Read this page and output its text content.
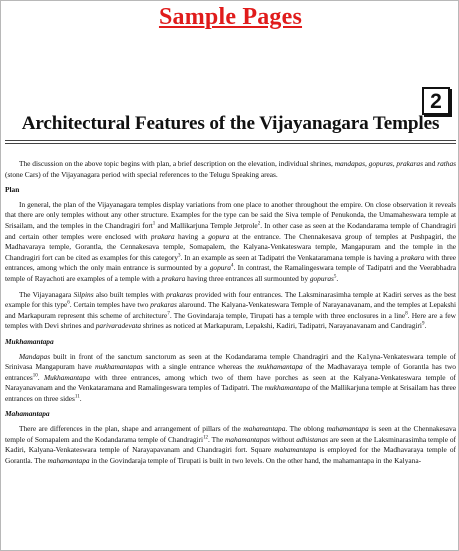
Sample Pages
2
Architectural Features of the Vijayanagara Temples

The discussion on the above topic begins with plan, a brief description on the elevation, individual shrines, mandapas, gopuras, prakaras and rathas (stone Cars) of the Vijayanagara period with special references to the Telugu Speaking areas.

Plan

In general, the plan of the Vijayanagara temples display variations from one place to another throughout the empire. On close observation it reveals that there are only temples without any other structure. Examples for the type can be said the Siva temple of Penukonda, the Umamaheswara temple at Srisailam, and the temples in the Chandragiri fort$^1$ and Mallikarjuna Temple Jetprole$^2$. In other case as seen at the Kodandarama temple of Chandragiri and certain other temples were enclosed with prakara having a gopura at the entrance. The Chennakesava group of temples at Pushpagiri, the Madhavaraya temple, Gorantla, the Cennakesava temple, Somapalem, the Kalyana-Venkateswara temple, Mangapuram and the temple in the Chandragiri fort can be cited as examples for this category$^3$. In an example as seen at Tadipatri the Venkataramana temple is having a prakara with three entrances, among which the only main entrance is surmounted by a gopura$^4$. In contrast, the Ramalingeswara temple of Tadipatri and the Veerabhadra temple of Rayachoti are examples of a temple with a prakara having three entrances all surmounted by gopuras$^5$.

The Vijayanagara Silpins also built temples with prakaras provided with four entrances. The Laksminarasimha temple at Kadiri serves as the best example for this type$^6$. Certain temples have two prakaras alaround. The Kalyana-Venkateswara Temple of Narayanavanam, and the temples at Lepakshi and Markapuram represent this scheme of architecture$^7$. The Govindaraja temple, Tirupati has a temple with three enclosures in a line$^8$. Here are a few temples with Devi shrines and parivaradevata shrines as noticed at Markapuram, Lepakshi, Kadiri, Tadipatri, Narayanavanam and Candragiri$^9$.

Mukhamantapa

Mandapas built in front of the sanctum sanctorum as seen at the Kodandarama temple Chandragiri and the Ka1yna-Venkateswara temple of Srinivasa Mangapuram have mukhamantapas with a single entrance whereas the mukhamantapa of the Madhavaraya temple of Gorantla has two entrances$^{10}$. Mukhamantapa with three entrances, among which two of them have porches as seen at the Kalyana-Venkateswara temple of Narayanavanam and the Venkataramana and Ramalingeswara temples of Tadipatri. The mukhamantapa of the Mallikarjuna temple at Srisailam has three entrances on three sides$^{11}$.

Mahamantapa

There are differences in the plan, shape and arrangement of pillars of the mahamantapa. The oblong mahamantapa is seen at the Chennakesava temple of Somapalem and the Kodandarama temple of Chandragiri$^{12}$. The mahamantapas without adhistanas are seen at the Laksminarasimha temple of Kadiri, Kalyana-Venkateswara temple of Narayapavanam and Chandragiri fort. Square mahamantapa is employed for the Madhavaraya temple of Gorantla. The mahamantapa in the Govindaraja temple of Tirupati is built in two levels. On the other hand, the mahamantapa in the Kalyana-
